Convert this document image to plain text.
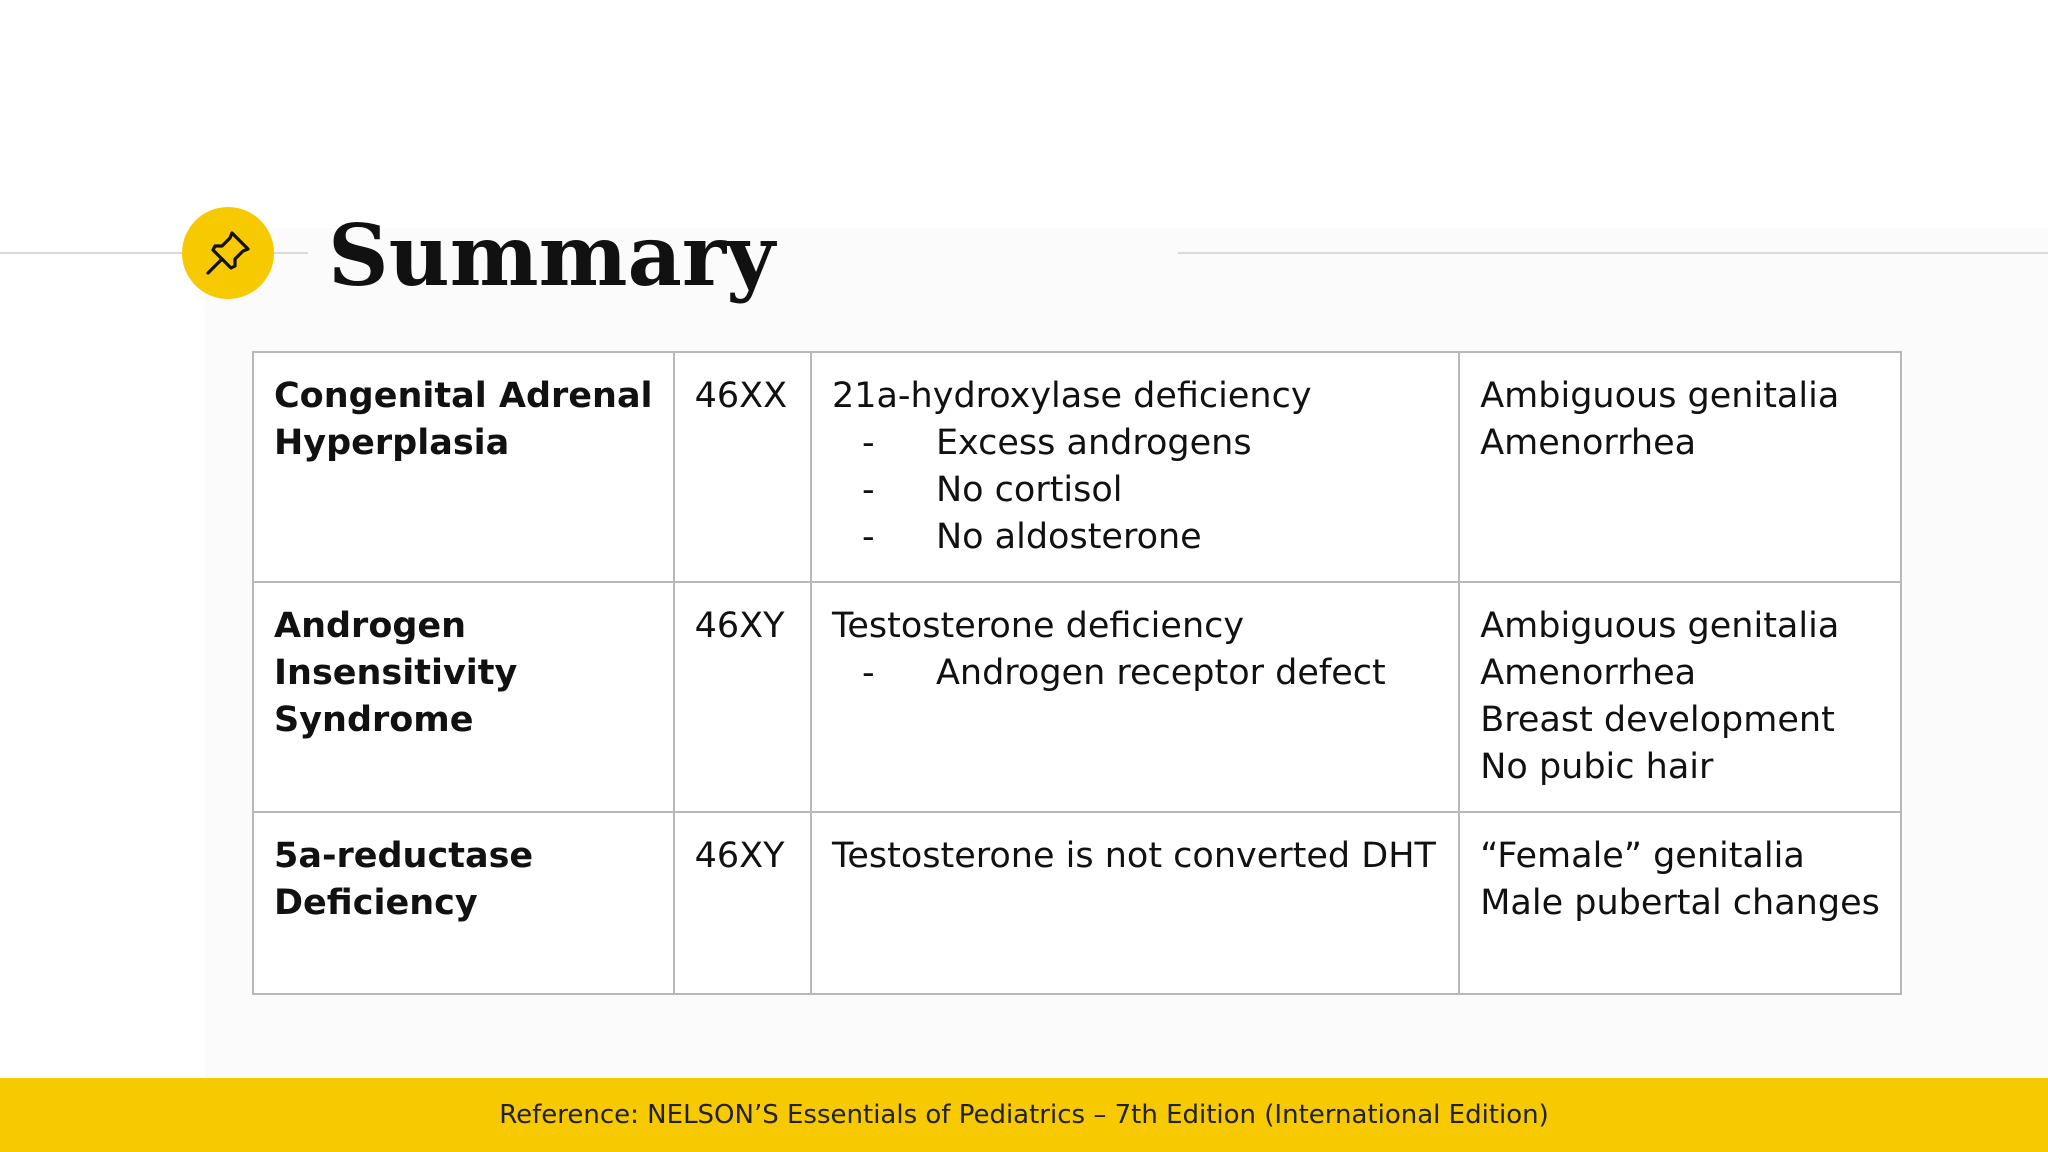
Summary
Congenital Adrenal
Hyperplasia	46XX	21a-hydroxylase deficiency
- Excess androgens
- No cortisol
- No aldosterone	Ambiguous genitalia
Amenorrhea

Androgen
Insensitivity
Syndrome	46XY	Testosterone deficiency
- Androgen receptor defect	Ambiguous genitalia
Amenorrhea
Breast development
No pubic hair

5a-reductase
Deficiency	46XY	Testosterone is not converted DHT	“Female” genitalia
Male pubertal changes
Reference: NELSON’S Essentials of Pediatrics – 7th Edition (International Edition)
